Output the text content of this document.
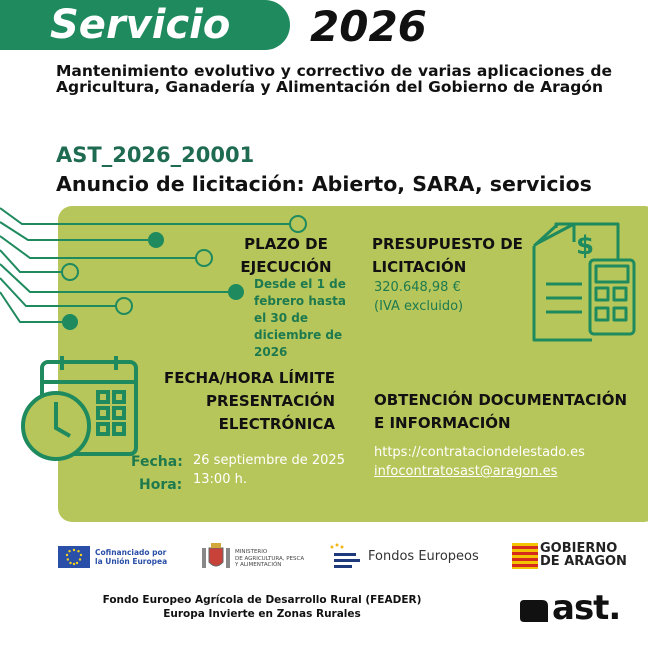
Servicio 2026
Mantenimiento evolutivo y correctivo de varias aplicaciones de Agricultura, Ganadería y Alimentación del Gobierno de Aragón
AST_2026_20001
Anuncio de licitación: Abierto, SARA, servicios
PLAZO DE
EJECUCIÓN
Desde el 1 de febrero hasta el 30 de diciembre de 2026
PRESUPUESTO DE
LICITACIÓN
320.648,98 €
(IVA excluido)
$
FECHA/HORA LÍMITE
PRESENTACIÓN
ELECTRÓNICA
Fecha:
Hora:
26 septiembre de 2025
13:00 h.
OBTENCIÓN DOCUMENTACIÓN
E INFORMACIÓN
https://contrataciondelestado.es
infocontratosast@aragon.es
Cofinanciado por
la Unión Europea
MINISTERIO
DE AGRICULTURA, PESCA
Y ALIMENTACIÓN
Fondos Europeos
GOBIERNO
DE ARAGON
Fondo Europeo Agrícola de Desarrollo Rural (FEADER)
Europa Invierte en Zonas Rurales	ast.
